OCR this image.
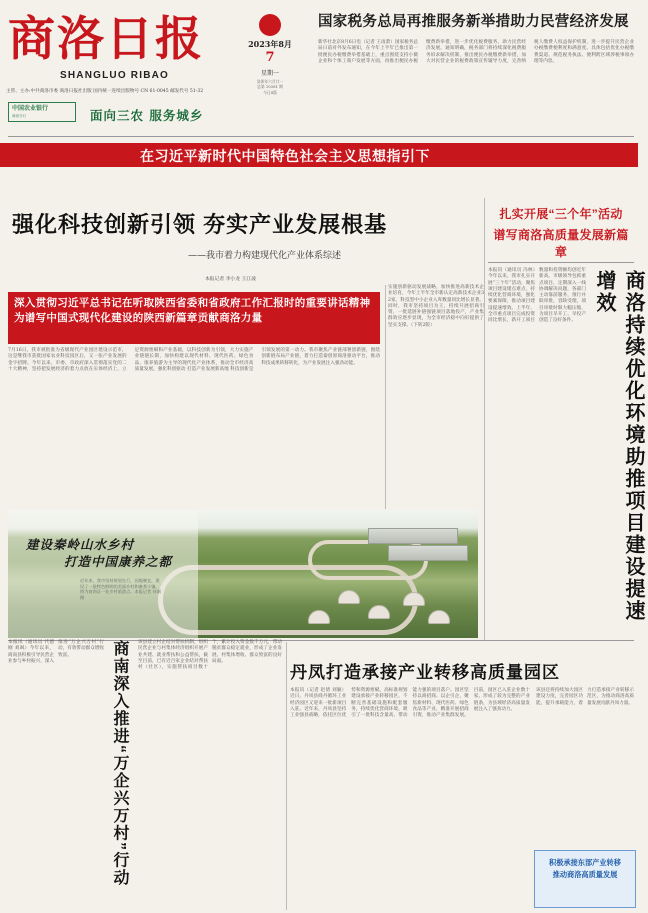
商洛日报
SHANGLUO RIBAO
主管、主办:中共商洛市委 商洛日报社出版 国内统一连续出版物号 CN 61-0045 邮发代号 51-32
中国农业银行
商洛分行	面向三农 服务城乡
2023年8月
7
星期一
癸卯年六月廿一
总第 10381 期
今日4版
国家税务总局再推服务新举措助力民营经济发展
新华社北京8月6日电（记者 王雨萧）国家税务总局日前对外发布通知，在今年上半年已推出第一批便民办税缴费举措基础上，重点围绕支持小微企业和个体工商户发展等方面，再推出便民办税缴费新举措，进一步优化税费服务，助力民营经济发展。通知明确，税务部门将持续深化税费服务诉求解决机制，推出便民办税缴费新举措，加大对民营企业的税费政策宣传辅导力度，完善纳税人缴费人权益保护机制，进一步提升民营企业办税缴费便利度和满意度。具体包括优化办税缴费渠道、规范税务执法、便利跨区域涉税事项办理等内容。
在习近平新时代中国特色社会主义思想指引下
强化科技创新引领 夯实产业发展根基
——我市着力构建现代化产业体系综述
本报记者 李小龙 王江波
深入贯彻习近平总书记在听取陕西省委和省政府工作汇报时的重要讲话精神
为谱写中国式现代化建设的陕西新篇章贡献商洛力量
7月16日，我市被批准为省级现代产业园区建设示范市，这是继我市获批国家农业科技园区后，又一张产业发展的金字招牌。今年以来，市委、市政府深入贯彻落实党的二十大精神，坚持把发展经济的着力点放在实体经济上，立足资源禀赋和产业基础，以科技创新为引领，大力实施产业链链长制，加快构建以现代材料、现代医药、绿色食品、康养旅游为主导的现代化产业体系，推动全市经济高质量发展。强化科创驱动 打造产业发展新高地 科技创新是引领发展的第一动力。我市聚焦产业链部署创新链，围绕创新链布局产业链，着力打造秦创原商洛驱动平台，推动科技成果转移转化，为产业发展注入强劲动能。
实施创新驱动发展战略，加快推进高新技术企业培育，今年上半年全市新认定高新技术企业32家，科技型中小企业入库数量同比增长显著。同时，我市坚持项目为王，持续开展招商引资，一批延链补链强链项目落地投产，产业集群效应逐步显现，为全市经济稳中向好提供了坚实支撑。（下转2版）
建设秦岭山水乡村
打造中国康养之都
近年来，我市坚持规划先行，因地制宜，建设了一批特色鲜明的美丽乡村和康养小镇，图为商南县一处乡村旅游点。本报记者 何刚 摄
扎实开展“三个年”活动
谱写商洛高质量发展新篇章
本报讯（通讯员 冯林）今年以来，我市扎实开展“三个年”活动，聚焦项目建设堵点难点，持续优化营商环境，强化要素保障，推动项目建设提速增效。上半年，全市重点项目完成投资同比增长，新开工项目数量和投资额均创近年新高。市级领导包抓重点项目，定期深入一线协调解决问题，各部门主动靠前服务，推行并联审批、容缺受理，项目审批时限大幅压缩，为项目早开工、早投产创造了良好条件。	商洛持续优化环境助推项目建设提速增效
本报讯（通讯员 代德刚 刘飒）今年以来，商南县积极引导民营企业参与乡村振兴，深入推进“万企兴万村”行动，有效带动群众增收致富。	商南深入推进“万企兴万村”行动	该县建立村企结对帮扶机制，组织民营企业与村集体经济组织开展产业共建、就业帮扶和公益帮扶，截至目前，已有近百家企业结对帮扶村（社区），实施帮扶项目数十个，累计投入资金数千万元，带动脱贫群众稳定就业，形成了企业发展、村集体增收、群众致富的良好局面。
丹凤打造承接产业转移高质量园区
本报讯（记者 赵倩 刘颖）近日，丹凤县商丹循环工业经济园区又迎来一批新项目入驻。近年来，丹凤县坚持工业强县战略，依托区位优势和资源禀赋，高标准规划建设承接产业转移园区，不断完善基础设施和配套服务，持续优化营商环境，吸引了一批科技含量高、带动能力强的项目落户。园区坚持以商招商、以企引企，聚焦新材料、现代医药、绿色食品等产业，精准开展招商引资，推动产业集群发展。目前，园区已入驻企业数十家，形成了较为完整的产业链条，为县域经济高质量发展注入了强劲动力。
该县还将持续加大园区建设力度，完善园区功能，提升承载能力，着力打造承接产业转移示范区，为推动商洛高质量发展贡献丹凤力量。
积极承接东部产业转移
推动商洛高质量发展
